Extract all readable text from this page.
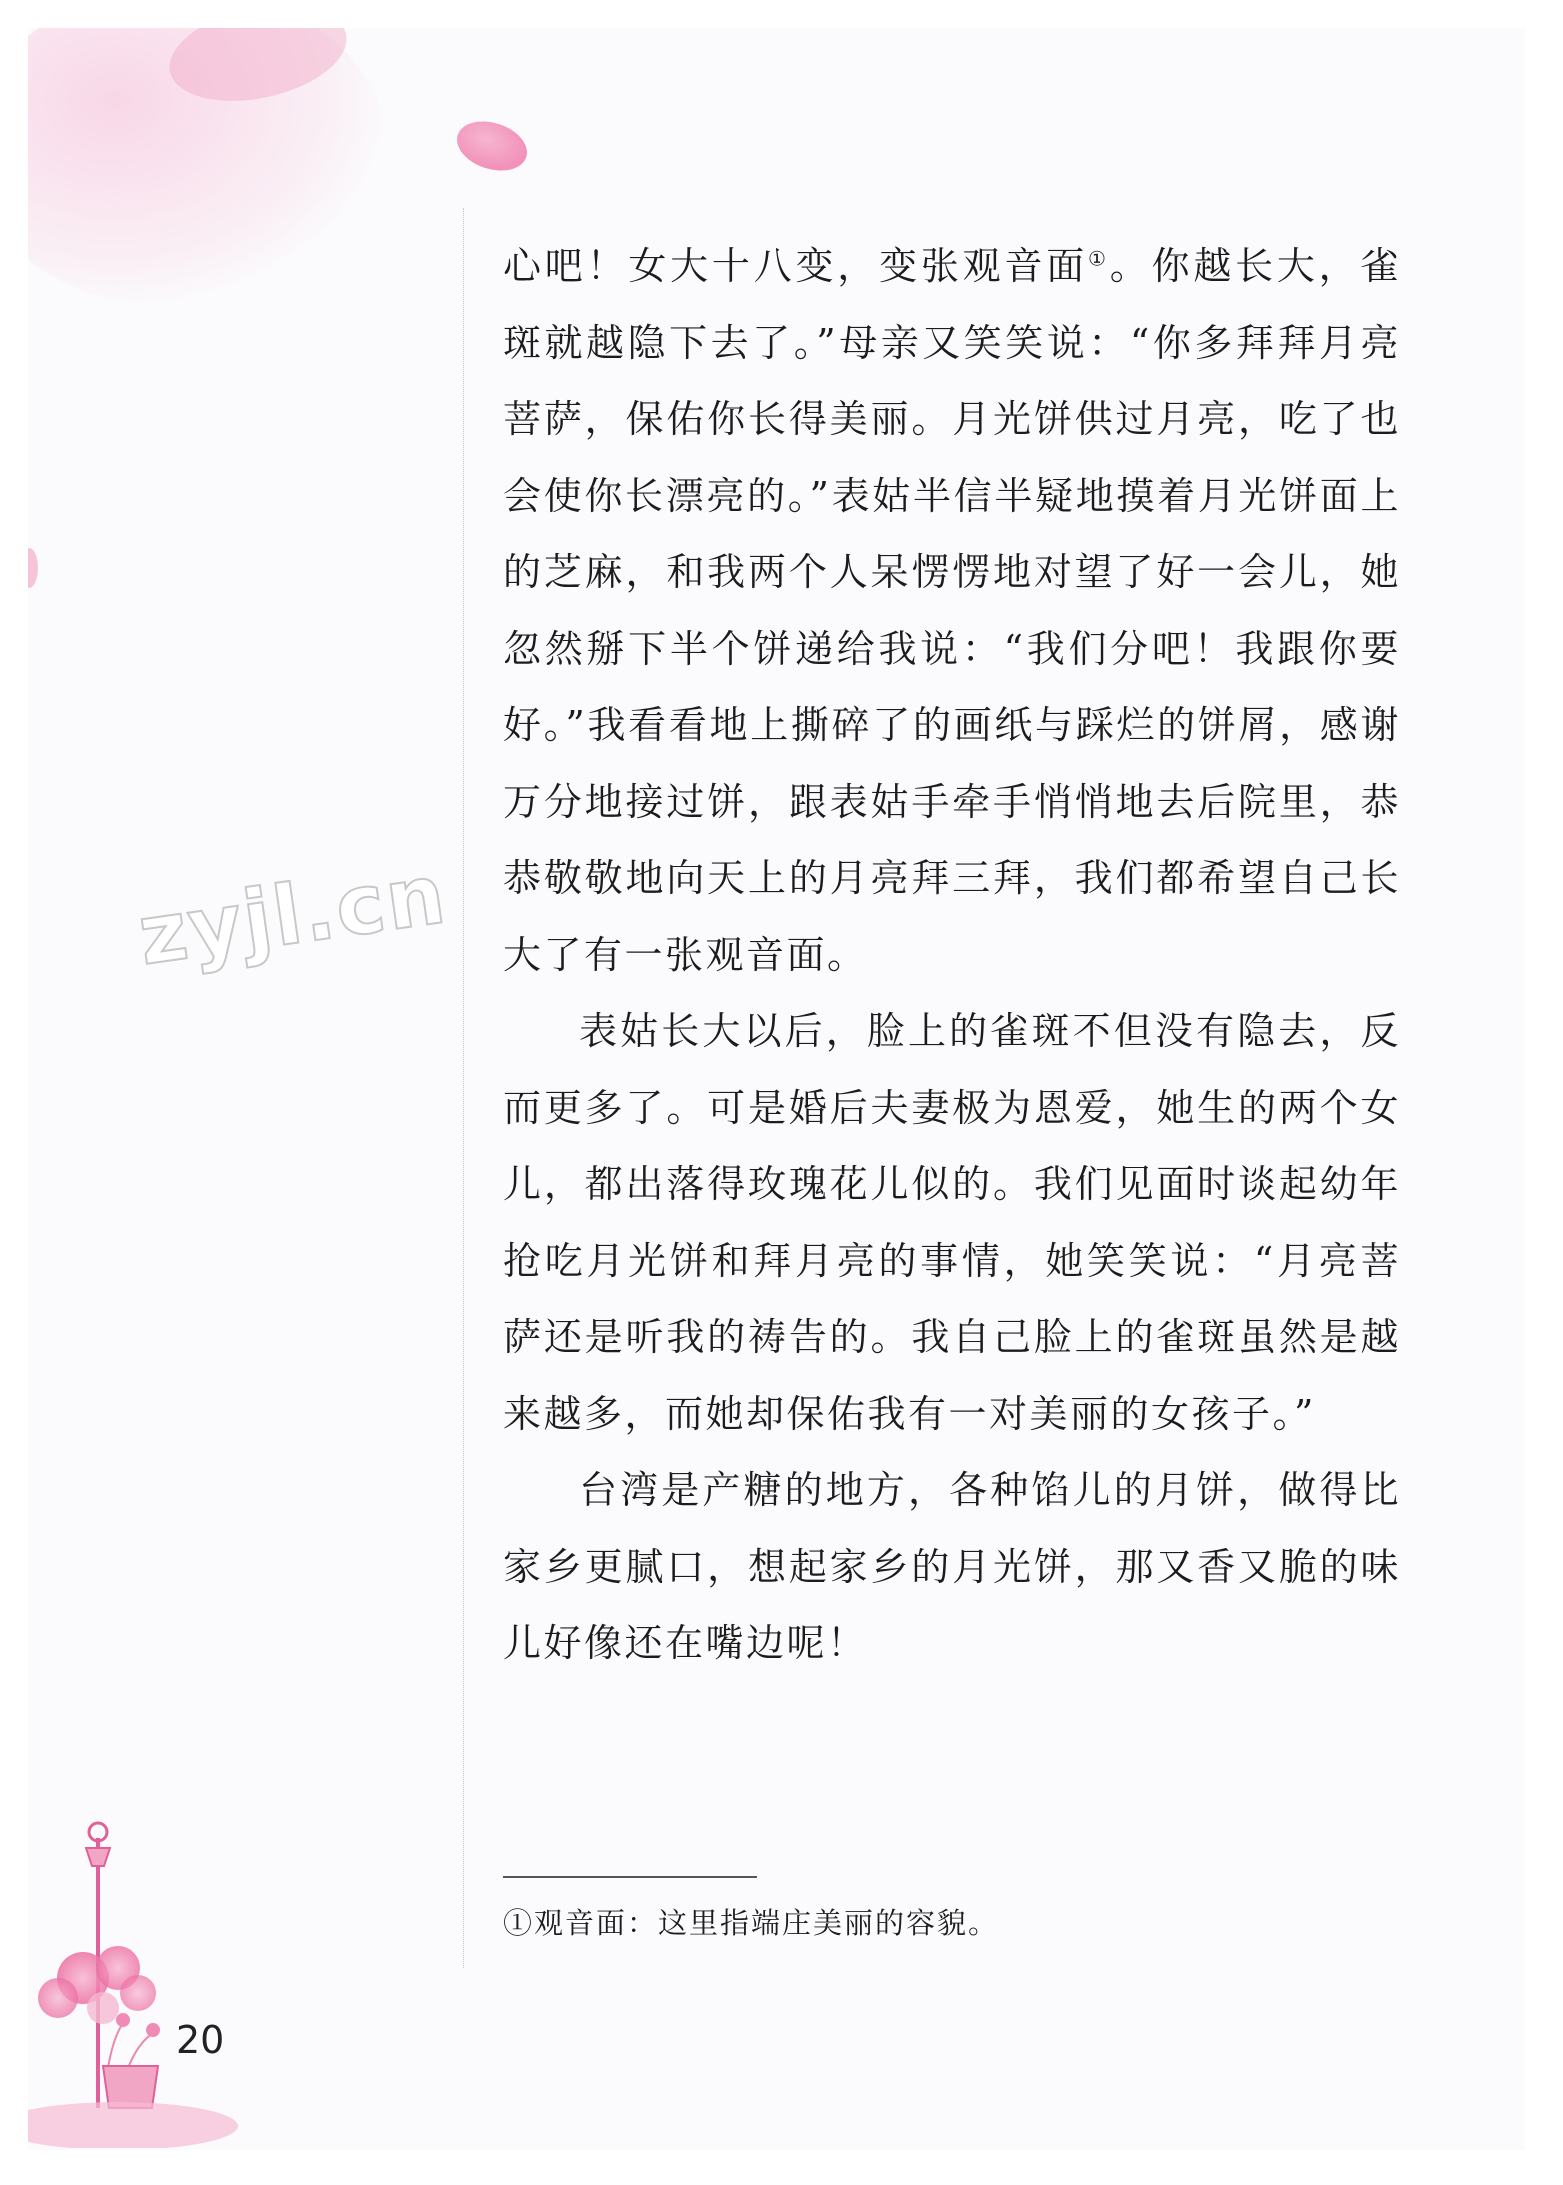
zyjl.cn

心吧！女大十八变，变张观音面①。你越长大，雀斑就越隐下去了。”母亲又笑笑说：“你多拜拜月亮菩萨，保佑你长得美丽。月光饼供过月亮，吃了也会使你长漂亮的。”表姑半信半疑地摸着月光饼面上的芝麻，和我两个人呆愣愣地对望了好一会儿，她忽然掰下半个饼递给我说：“我们分吧！我跟你要好。”我看看地上撕碎了的画纸与踩烂的饼屑，感谢万分地接过饼，跟表姑手牵手悄悄地去后院里，恭恭敬敬地向天上的月亮拜三拜，我们都希望自己长大了有一张观音面。

表姑长大以后，脸上的雀斑不但没有隐去，反而更多了。可是婚后夫妻极为恩爱，她生的两个女儿，都出落得玫瑰花儿似的。我们见面时谈起幼年抢吃月光饼和拜月亮的事情，她笑笑说：“月亮菩萨还是听我的祷告的。我自己脸上的雀斑虽然是越来越多，而她却保佑我有一对美丽的女孩子。”

台湾是产糖的地方，各种馅儿的月饼，做得比家乡更腻口，想起家乡的月光饼，那又香又脆的味儿好像还在嘴边呢！

①观音面：这里指端庄美丽的容貌。
20
